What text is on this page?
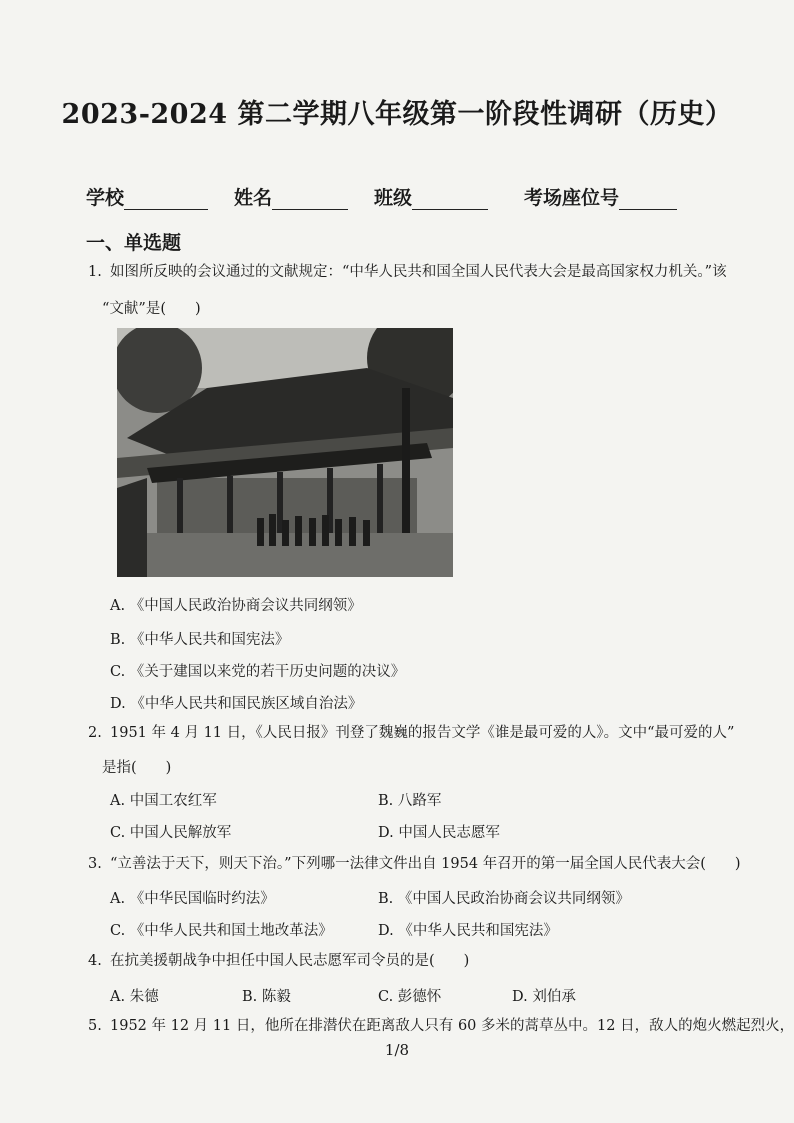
2023-2024 第二学期八年级第一阶段性调研（历史）
学校	姓名	班级	考场座位号
一、单选题
1. 如图所反映的会议通过的文献规定：“中华人民共和国全国人民代表大会是最高国家权力机关。”该
“文献”是(　　)
A. 《中国人民政治协商会议共同纲领》
B. 《中华人民共和国宪法》
C. 《关于建国以来党的若干历史问题的决议》
D. 《中华人民共和国民族区域自治法》
2. 1951 年 4 月 11 日，《人民日报》刊登了魏巍的报告文学《谁是最可爱的人》。文中“最可爱的人”
是指(　　)
A. 中国工农红军	B. 八路军
C. 中国人民解放军	D. 中国人民志愿军
3. “立善法于天下，则天下治。”下列哪一法律文件出自 1954 年召开的第一届全国人民代表大会(　　)
A. 《中华民国临时约法》	B. 《中国人民政治协商会议共同纲领》
C. 《中华人民共和国土地改革法》	D. 《中华人民共和国宪法》
4. 在抗美援朝战争中担任中国人民志愿军司令员的是(　　)
A. 朱德	B. 陈毅	C. 彭德怀	D. 刘伯承
5. 1952 年 12 月 11 日，他所在排潜伏在距离敌人只有 60 多米的蒿草丛中。12 日，敌人的炮火燃起烈火，
1/8
